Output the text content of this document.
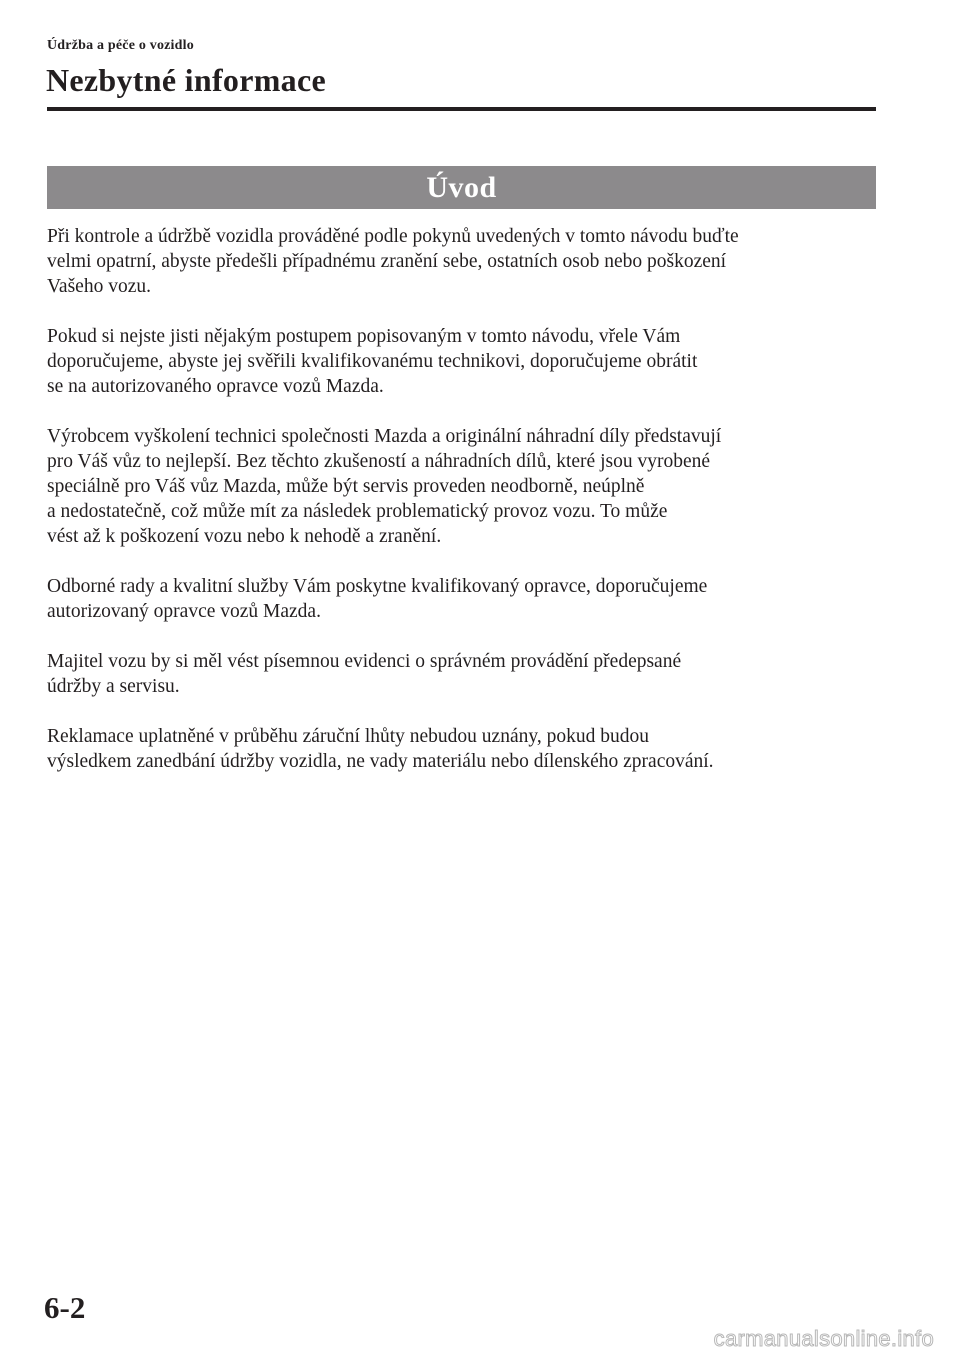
Údržba a péče o vozidlo
Nezbytné informace
Úvod

Při kontrole a údržbě vozidla prováděné podle pokynů uvedených v tomto návodu buďte
velmi opatrní, abyste předešli případnému zranění sebe, ostatních osob nebo poškození
Vašeho vozu.

Pokud si nejste jisti nějakým postupem popisovaným v tomto návodu, vřele Vám
doporučujeme, abyste jej svěřili kvalifikovanému technikovi, doporučujeme obrátit
se na autorizovaného opravce vozů Mazda.

Výrobcem vyškolení technici společnosti Mazda a originální náhradní díly představují
pro Váš vůz to nejlepší. Bez těchto zkušeností a náhradních dílů, které jsou vyrobené
speciálně pro Váš vůz Mazda, může být servis proveden neodborně, neúplně
a nedostatečně, což může mít za následek problematický provoz vozu. To může
vést až k poškození vozu nebo k nehodě a zranění.

Odborné rady a kvalitní služby Vám poskytne kvalifikovaný opravce, doporučujeme
autorizovaný opravce vozů Mazda.

Majitel vozu by si měl vést písemnou evidenci o správném provádění předepsané
údržby a servisu.

Reklamace uplatněné v průběhu záruční lhůty nebudou uznány, pokud budou
výsledkem zanedbání údržby vozidla, ne vady materiálu nebo dílenského zpracování.

6-2
carmanualsonline.info
